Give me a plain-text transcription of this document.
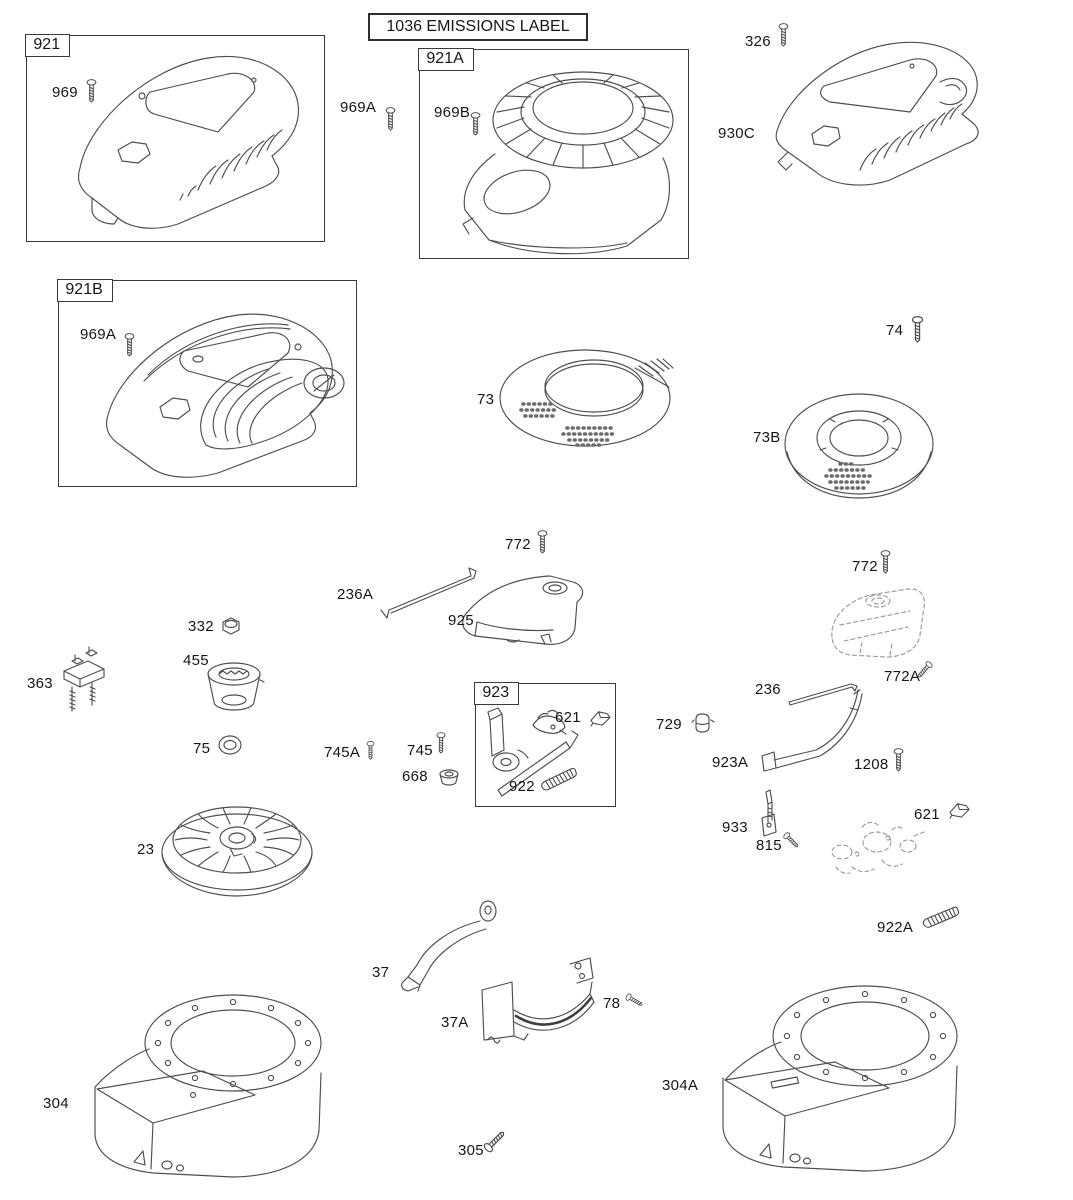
1036 EMISSIONS LABEL
921
921A
921B
923
969
969A	969B
326
930C
969A
73
74
73B
772
236A
925
772
332
455
363
75	745A	745
668
621
922
729
236
923A	1208
772A
23
933
815
621
922A
37
37A
78
304
304A
305
